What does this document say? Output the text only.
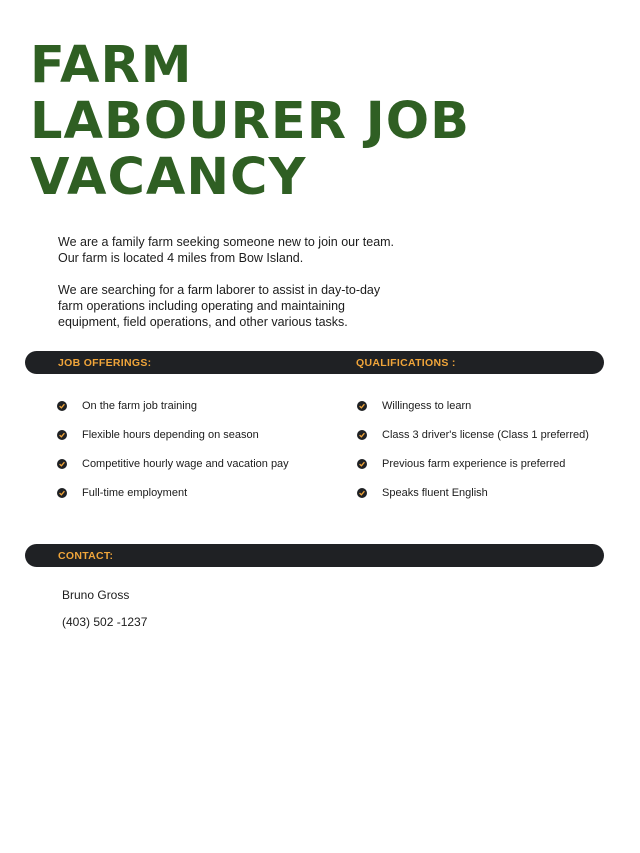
FARM
LABOURER JOB
VACANCY

We are a family farm seeking someone new to join our team.
Our farm is located 4 miles from Bow Island.

We are searching for a farm laborer to assist in day-to-day
farm operations including operating and maintaining
equipment, field operations, and other various tasks.

JOB OFFERINGS:	QUALIFICATIONS :
On the farm job training
Flexible hours depending on season
Competitive hourly wage and vacation pay
Full-time employment
Willingess to learn
Class 3 driver's license (Class 1 preferred)
Previous farm experience is preferred
Speaks fluent English
CONTACT:
Bruno Gross
(403) 502 -1237
